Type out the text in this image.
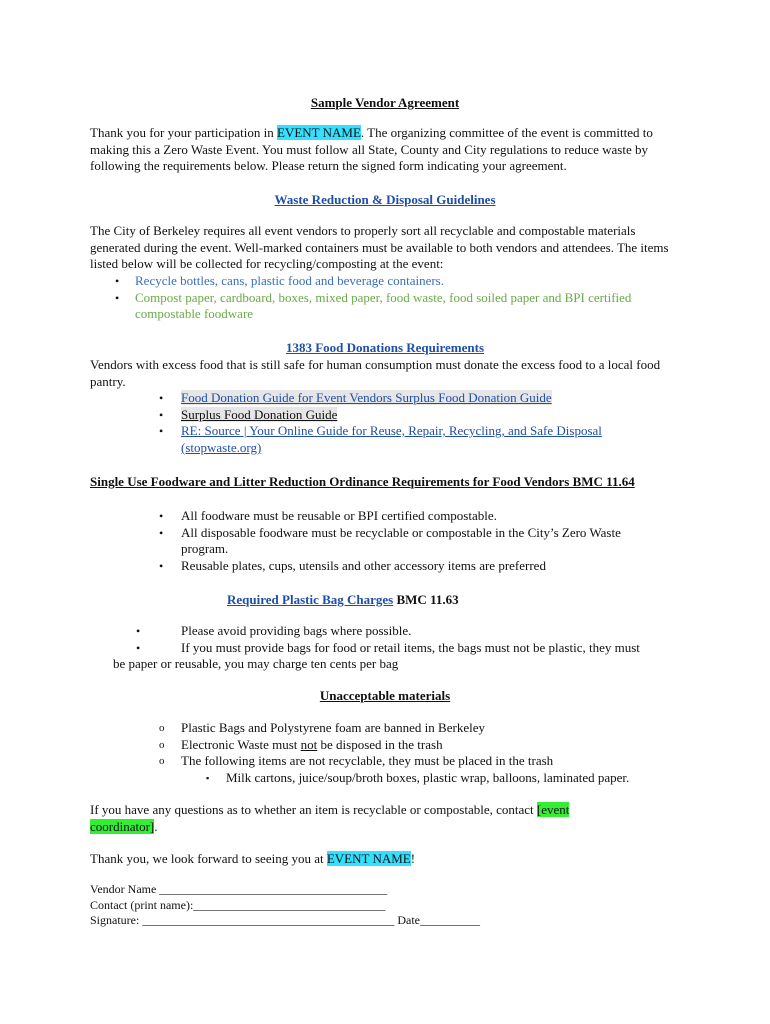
Sample Vendor Agreement

Thank you for your participation in EVENT NAME. The organizing committee of the event is committed to making this a Zero Waste Event. You must follow all State, County and City regulations to reduce waste by following the requirements below. Please return the signed form indicating your agreement.

Waste Reduction & Disposal Guidelines

The City of Berkeley requires all event vendors to properly sort all recyclable and compostable materials generated during the event. Well-marked containers must be available to both vendors and attendees. The items listed below will be collected for recycling/composting at the event:

• Recycle bottles, cans, plastic food and beverage containers.
• Compost paper, cardboard, boxes, mixed paper, food waste, food soiled paper and BPI certified compostable foodware
1383 Food Donations Requirements

Vendors with excess food that is still safe for human consumption must donate the excess food to a local food pantry.

• Food Donation Guide for Event Vendors Surplus Food Donation Guide
• Surplus Food Donation Guide
• RE: Source | Your Online Guide for Reuse, Repair, Recycling, and Safe Disposal (stopwaste.org)

Single Use Foodware and Litter Reduction Ordinance Requirements for Food Vendors BMC 11.64

• All foodware must be reusable or BPI certified compostable.
• All disposable foodware must be recyclable or compostable in the City’s Zero Waste program.
• Reusable plates, cups, utensils and other accessory items are preferred
Required Plastic Bag Charges BMC 11.63
•	Please avoid providing bags where possible.
•	If you must provide bags for food or retail items, the bags must not be plastic, they must

be paper or reusable, you may charge ten cents per bag

Unacceptable materials
o Plastic Bags and Polystyrene foam are banned in Berkeley
o Electronic Waste must not be disposed in the trash
o The following items are not recyclable, they must be placed in the trash
▪ Milk cartons, juice/soup/broth boxes, plastic wrap, balloons, laminated paper.

If you have any questions as to whether an item is recyclable or compostable, contact [event coordinator].

Thank you, we look forward to seeing you at EVENT NAME!

Vendor Name ______________________________________
Contact (print name):________________________________
Signature: __________________________________________ Date__________
